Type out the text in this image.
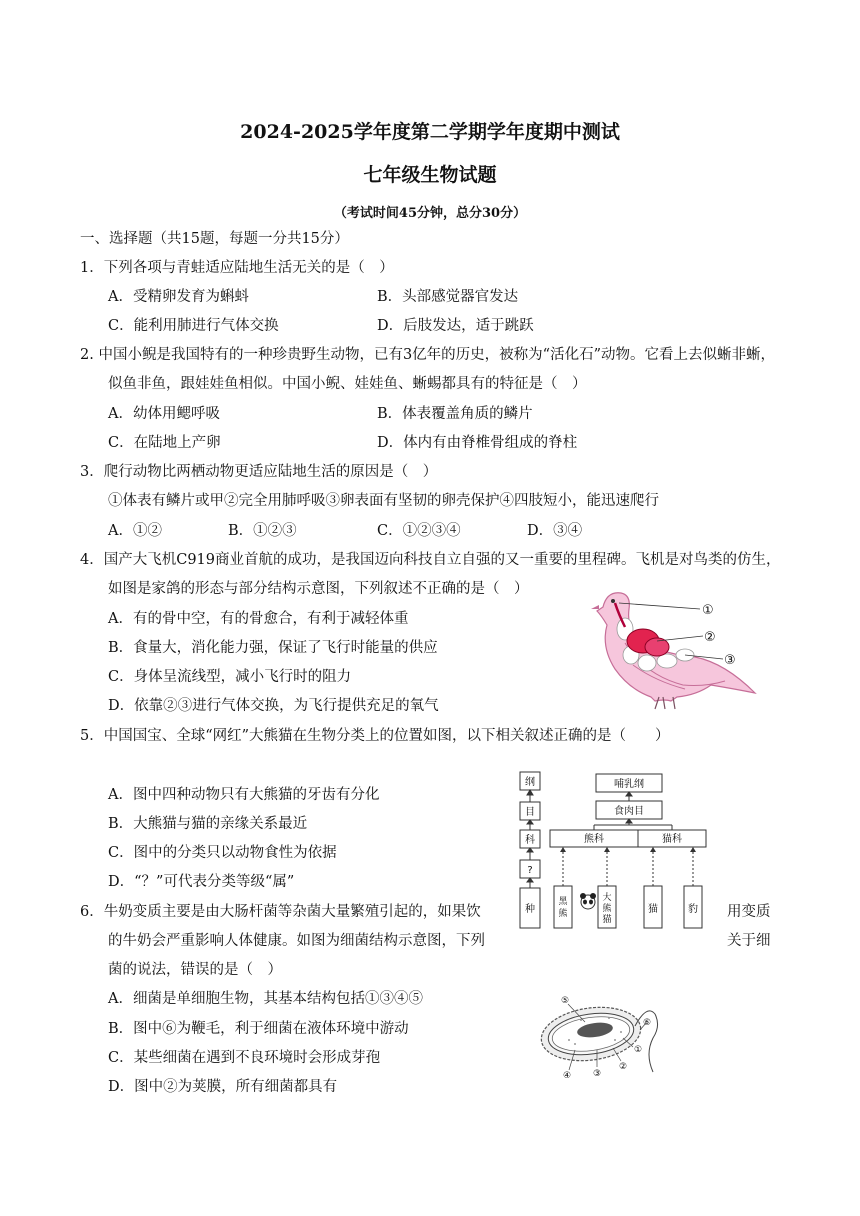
2024-2025学年度第二学期学年度期中测试
七年级生物试题
（考试时间45分钟，总分30分）
一、选择题（共15题，每题一分共15分）
1．下列各项与青蛙适应陆地生活无关的是（　）
A．受精卵发育为蝌蚪	B．头部感觉器官发达
C．能利用肺进行气体交换	D．后肢发达，适于跳跃
2. 中国小鲵是我国特有的一种珍贵野生动物，已有3亿年的历史，被称为“活化石”动物。它看上去似蜥非蜥，
似鱼非鱼，跟娃娃鱼相似。中国小鲵、娃娃鱼、蜥蜴都具有的特征是（　）
A．幼体用鳃呼吸	B．体表覆盖角质的鳞片
C．在陆地上产卵	D．体内有由脊椎骨组成的脊柱
3．爬行动物比两栖动物更适应陆地生活的原因是（　）
①体表有鳞片或甲②完全用肺呼吸③卵表面有坚韧的卵壳保护④四肢短小，能迅速爬行
A．①②	B．①②③	C．①②③④	D．③④
4．国产大飞机C919商业首航的成功，是我国迈向科技自立自强的又一重要的里程碑。飞机是对鸟类的仿生，
如图是家鸽的形态与部分结构示意图，下列叙述不正确的是（　）
A．有的骨中空，有的骨愈合，有利于减轻体重
B．食量大，消化能力强，保证了飞行时能量的供应
C．身体呈流线型，减小飞行时的阻力
D．依靠②③进行气体交换，为飞行提供充足的氧气
①
②
③
5．中国国宝、全球“网红”大熊猫在生物分类上的位置如图，以下相关叙述正确的是（　　）
A．图中四种动物只有大熊猫的牙齿有分化
B．大熊猫与猫的亲缘关系最近
C．图中的分类只以动物食性为依据
D．“？”可代表分类等级“属”
纲
目
科
?
种
哺乳纲
食肉目
熊科	猫科
猫	豹
黑
熊
大
熊
猫
6．牛奶变质主要是由大肠杆菌等杂菌大量繁殖引起的，如果饮	用变质
的牛奶会严重影响人体健康。如图为细菌结构示意图，下列	关于细
菌的说法，错误的是（　）
A．细菌是单细胞生物，其基本结构包括①③④⑤
B．图中⑥为鞭毛，利于细菌在液体环境中游动
C．某些细菌在遇到不良环境时会形成芽孢
D．图中②为荚膜，所有细菌都具有
⑤
⑥
①
②
③
④
